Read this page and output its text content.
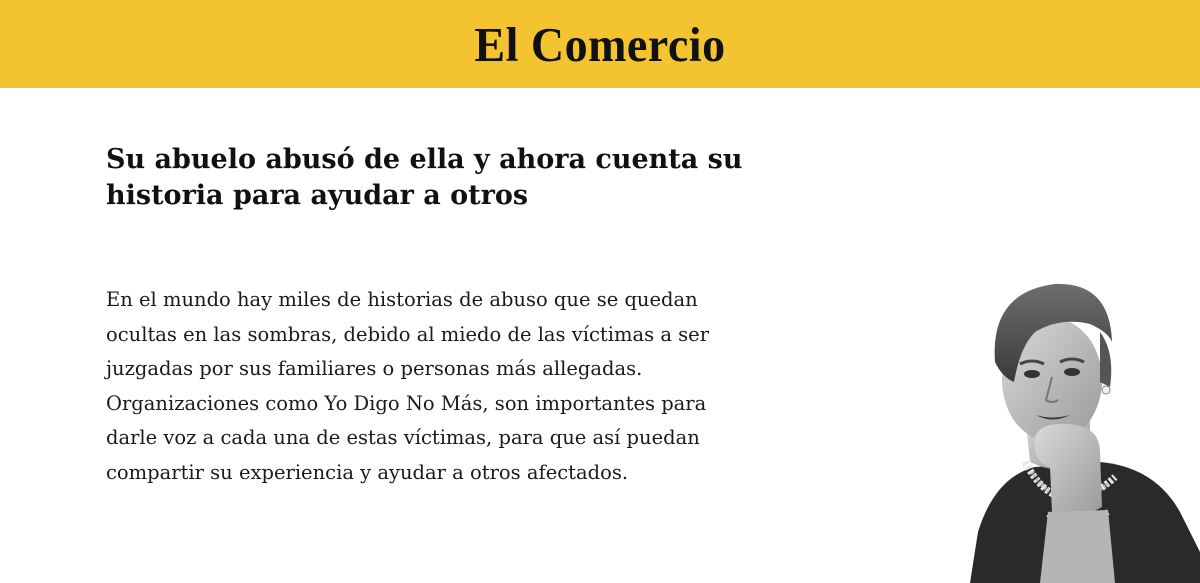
El Comercio
Su abuelo abusó de ella y ahora cuenta su historia para ayudar a otros

En el mundo hay miles de historias de abuso que se quedan ocultas en las sombras, debido al miedo de las víctimas a ser juzgadas por sus familiares o personas más allegadas. Organizaciones como Yo Digo No Más, son importantes para darle voz a cada una de estas víctimas, para que así puedan compartir su experiencia y ayudar a otros afectados.
